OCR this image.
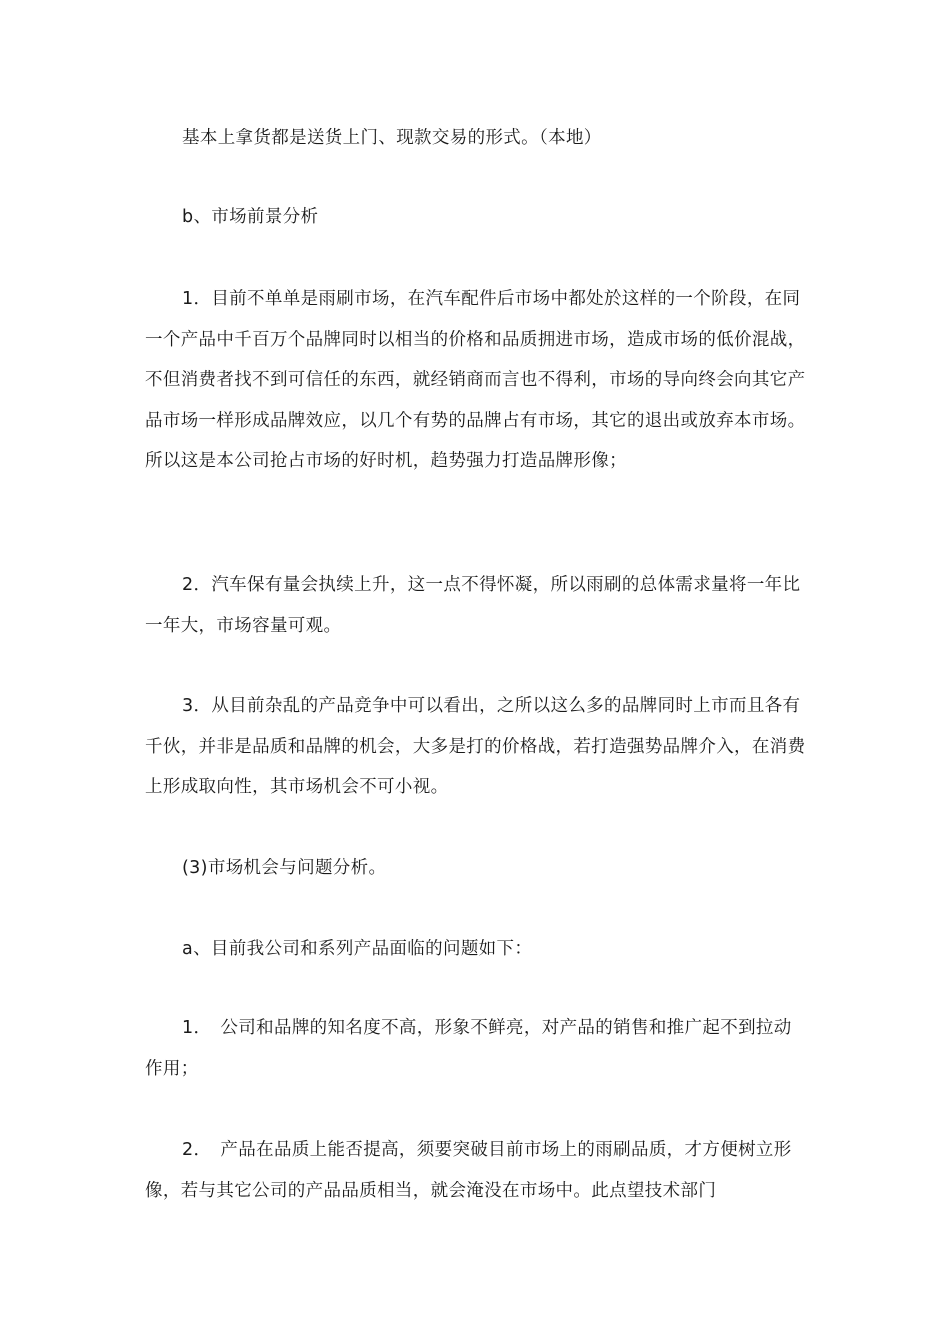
基本上拿货都是送货上门、现款交易的形式。（本地）

b、市场前景分析

1．目前不单单是雨刷市场，在汽车配件后市场中都处於这样的一个阶段，在同一个产品中千百万个品牌同时以相当的价格和品质拥进市场，造成市场的低价混战，不但消费者找不到可信任的东西，就经销商而言也不得利，市场的导向终会向其它产品市场一样形成品牌效应，以几个有势的品牌占有市场，其它的退出或放弃本市场。所以这是本公司抢占市场的好时机，趋势强力打造品牌形像；

2．汽车保有量会执续上升，这一点不得怀凝，所以雨刷的总体需求量将一年比一年大，市场容量可观。

3．从目前杂乱的产品竞争中可以看出，之所以这么多的品牌同时上市而且各有千伙，并非是品质和品牌的机会，大多是打的价格战，若打造强势品牌介入，在消费上形成取向性，其市场机会不可小视。

(3)市场机会与问题分析。

a、目前我公司和系列产品面临的问题如下：

1．　公司和品牌的知名度不高，形象不鲜亮，对产品的销售和推广起不到拉动作用；

2．　产品在品质上能否提高，须要突破目前市场上的雨刷品质，才方便树立形像，若与其它公司的产品品质相当，就会淹没在市场中。此点望技术部门
